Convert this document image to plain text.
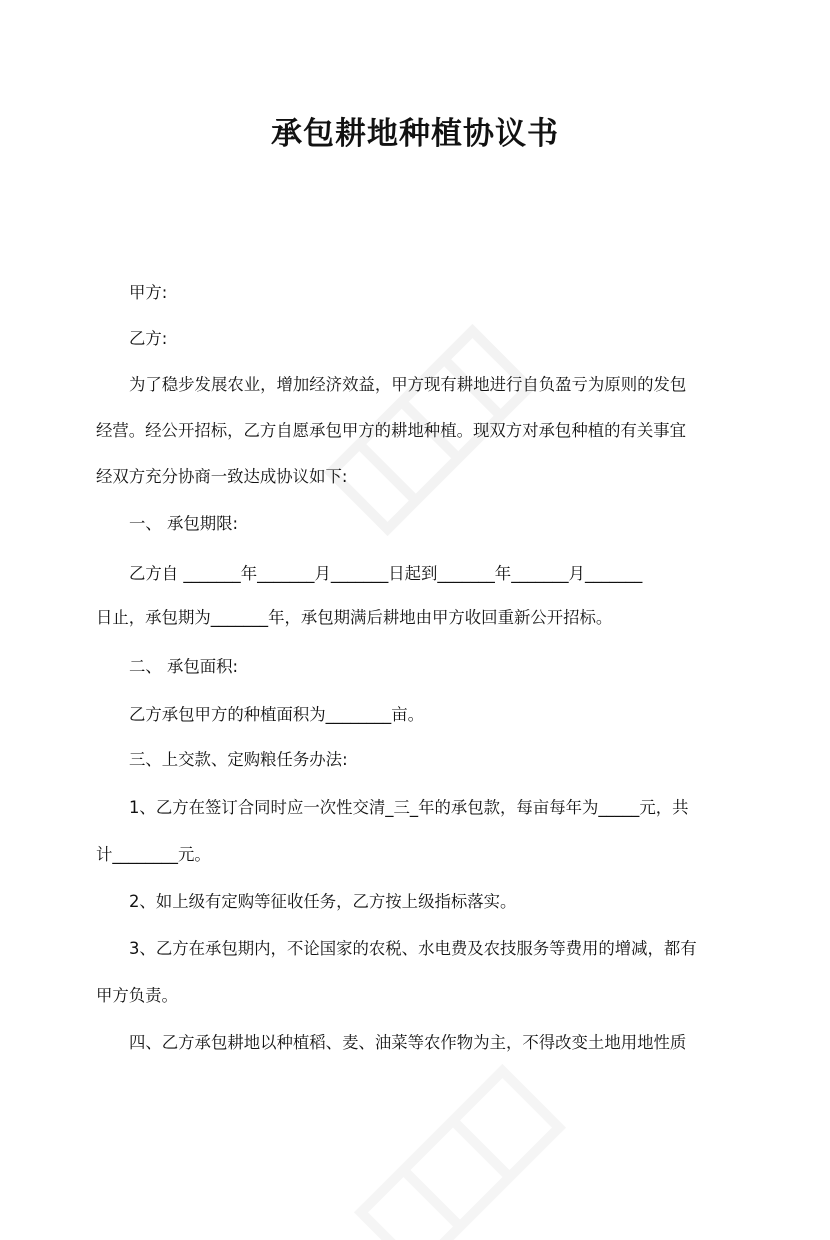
承包耕地种植协议书

甲方:

乙方:

为了稳步发展农业，增加经济效益，甲方现有耕地进行自负盈亏为原则的发包

经营。经公开招标，乙方自愿承包甲方的耕地种植。现双方对承包种植的有关事宜

经双方充分协商一致达成协议如下:

一、 承包期限:

乙方自 _______年_______月_______日起到_______年_______月_______

日止，承包期为_______年，承包期满后耕地由甲方收回重新公开招标。

二、 承包面积:

乙方承包甲方的种植面积为________亩。

三、上交款、定购粮任务办法:

1、乙方在签订合同时应一次性交清_三_年的承包款，每亩每年为_____元，共

计________元。

2、如上级有定购等征收任务，乙方按上级指标落实。

3、乙方在承包期内，不论国家的农税、水电费及农技服务等费用的增减，都有

甲方负责。

四、乙方承包耕地以种植稻、麦、油菜等农作物为主，不得改变土地用地性质
